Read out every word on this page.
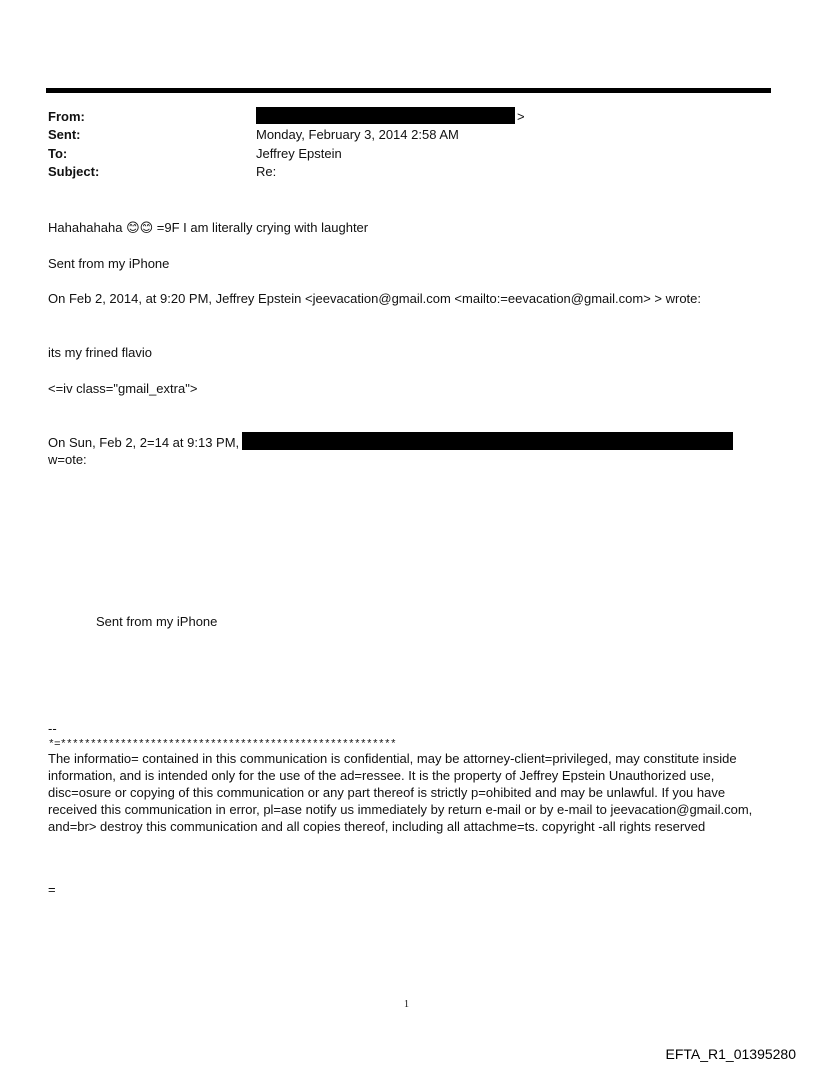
From:	>
Sent:	Monday, February 3, 2014 2:58 AM
To:	Jeffrey Epstein
Subject:	Re:
Hahahahaha 😊😊 =9F I am literally crying with laughter
Sent from my iPhone
On Feb 2, 2014, at 9:20 PM, Jeffrey Epstein <jeevacation@gmail.com <mailto:=eevacation@gmail.com> > wrote:
its my frined flavio
<=iv class="gmail_extra">
On Sun, Feb 2, 2=14 at 9:13 PM,
w=ote:
Sent from my iPhone
--
*=********************************************************
The informatio= contained in this communication is confidential, may be attorney-client=privileged, may constitute inside information, and is intended only for the use of the ad=ressee. It is the property of Jeffrey Epstein Unauthorized use, disc=osure or copying of this communication or any part thereof is strictly p=ohibited and may be unlawful. If you have received this communication in error, pl=ase notify us immediately by return e-mail or by e-mail to jeevacation@gmail.com, and=br> destroy this communication and all copies thereof, including all attachme=ts. copyright -all rights reserved
=
1
EFTA_R1_01395280
